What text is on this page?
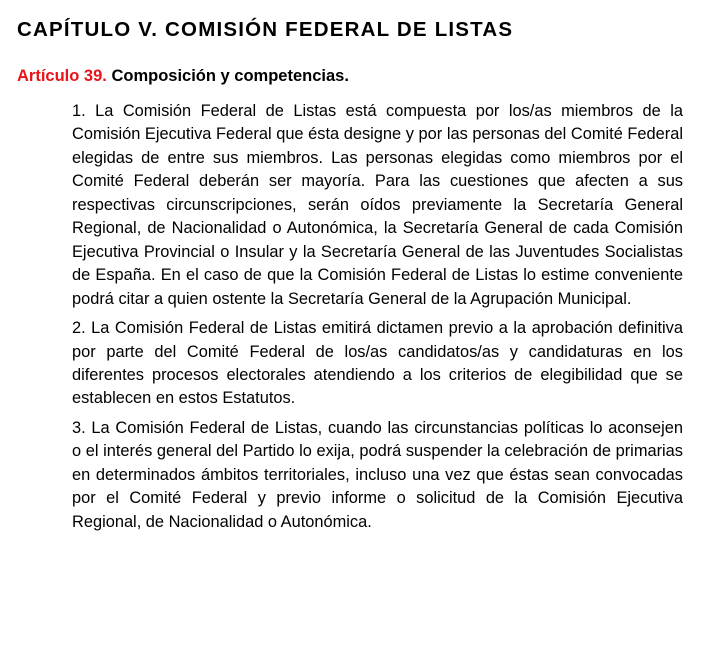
CAPÍTULO V. COMISIÓN FEDERAL DE LISTAS
Artículo 39. Composición y competencias.

1. La Comisión Federal de Listas está compuesta por los/as miembros de la Comisión Ejecutiva Federal que ésta designe y por las personas del Comité Federal elegidas de entre sus miembros. Las personas elegidas como miembros por el Comité Federal deberán ser mayoría. Para las cuestiones que afecten a sus respectivas circunscripciones, serán oídos previamente la Secretaría General Regional, de Nacionalidad o Autonómica, la Secretaría General de cada Comisión Ejecutiva Provincial o Insular y la Secretaría General de las Juventudes Socialistas de España. En el caso de que la Comisión Federal de Listas lo estime conveniente podrá citar a quien ostente la Secretaría General de la Agrupación Municipal.

2. La Comisión Federal de Listas emitirá dictamen previo a la aprobación definitiva por parte del Comité Federal de los/as candidatos/as y candidaturas en los diferentes procesos electorales atendiendo a los criterios de elegibilidad que se establecen en estos Estatutos.

3. La Comisión Federal de Listas, cuando las circunstancias políticas lo aconsejen o el interés general del Partido lo exija, podrá suspender la celebración de primarias en determinados ámbitos territoriales, incluso una vez que éstas sean convocadas por el Comité Federal y previo informe o solicitud de la Comisión Ejecutiva Regional, de Nacionalidad o Autonómica.
